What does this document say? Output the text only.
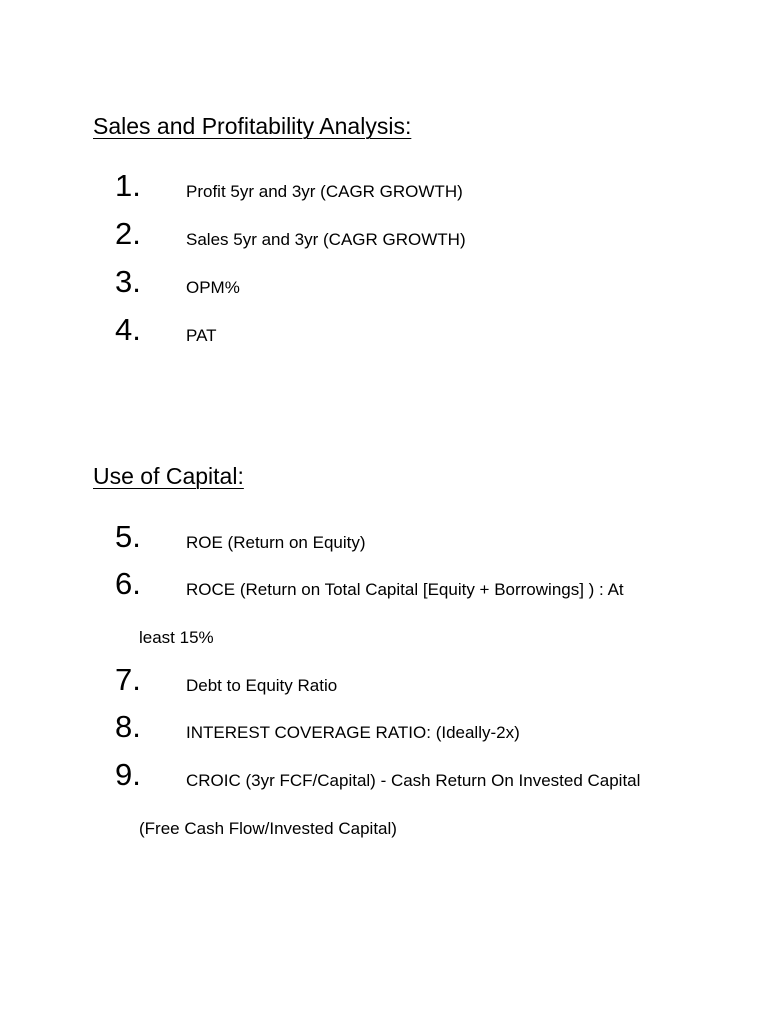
Sales and Profitability Analysis:
1.	Profit 5yr and 3yr (CAGR GROWTH)
2.	Sales 5yr and 3yr (CAGR GROWTH)
3.	OPM%
4.	PAT
Use of Capital:
5.	ROE (Return on Equity)
6.	ROCE (Return on Total Capital [Equity + Borrowings] ) : At
least 15%
7.	Debt to Equity Ratio
8.	INTEREST COVERAGE RATIO: (Ideally-2x)
9.	CROIC (3yr FCF/Capital) - Cash Return On Invested Capital
(Free Cash Flow/Invested Capital)
